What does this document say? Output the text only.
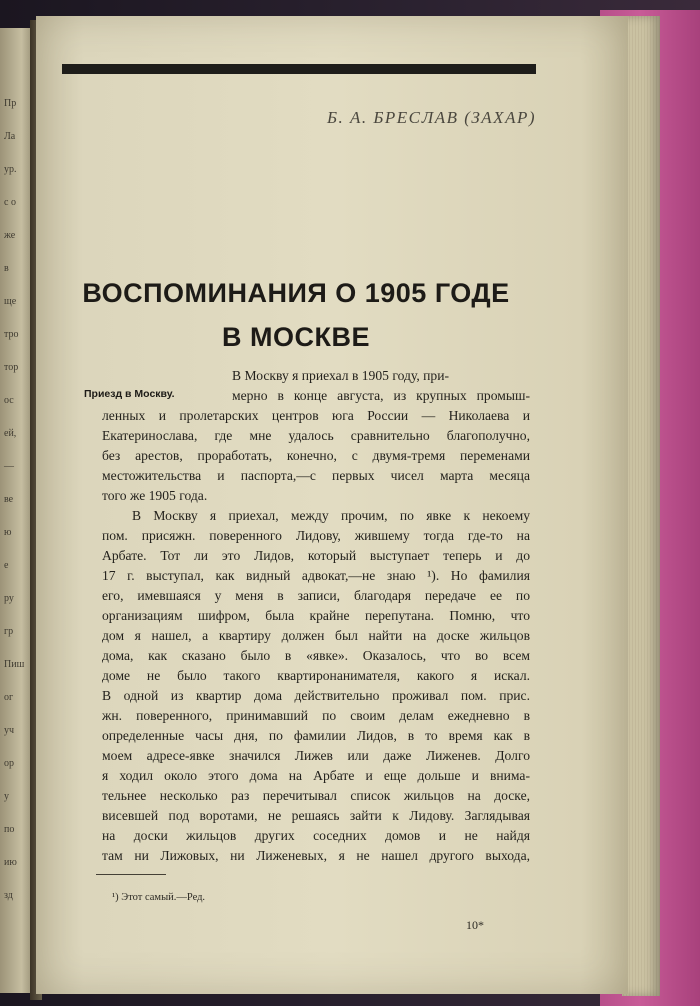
Пр
Ла
ур.
с о
же
в
ще
тро
тор
ос
ей,
—
ве
ю
е
ру
гр
Пиш
ог
уч
ор
у
по
ию
зд
Б. А. БРЕСЛАВ (ЗАХАР)
ВОСПОМИНАНИЯ О 1905 ГОДЕ
В МОСКВЕ
Приезд в Москву.
В Москву я приехал в 1905 году, при-
мерно в конце августа, из крупных промыш-
ленных и пролетарских центров юга России — Николаева и
Екатеринослава, где мне удалось сравнительно благополучно,
без арестов, проработать, конечно, с двумя-тремя переменами
местожительства и паспорта,—с первых чисел марта месяца
того же 1905 года.
В Москву я приехал, между прочим, по явке к некоему
пом. присяжн. поверенного Лидову, жившему тогда где-то на
Арбате. Тот ли это Лидов, который выступает теперь и до
17 г. выступал, как видный адвокат,—не знаю ¹). Но фамилия
его, имевшаяся у меня в записи, благодаря передаче ее по
организациям шифром, была крайне перепутана. Помню, что
дом я нашел, а квартиру должен был найти на доске жильцов
дома, как сказано было в «явке». Оказалось, что во всем
доме не было такого квартиронанимателя, какого я искал.
В одной из квартир дома действительно проживал пом. прис.
жн. поверенного, принимавший по своим делам ежедневно в
определенные часы дня, по фамилии Лидов, в то время как в
моем адресе-явке значился Лижев или даже Лиженев. Долго
я ходил около этого дома на Арбате и еще дольше и внима-
тельнее несколько раз перечитывал список жильцов на доске,
висевшей под воротами, не решаясь зайти к Лидову. Заглядывая
на доски жильцов других соседних домов и не найдя
там ни Лижовых, ни Лиженевых, я не нашел другого выхода,
¹) Этот самый.—Ред.
10*
